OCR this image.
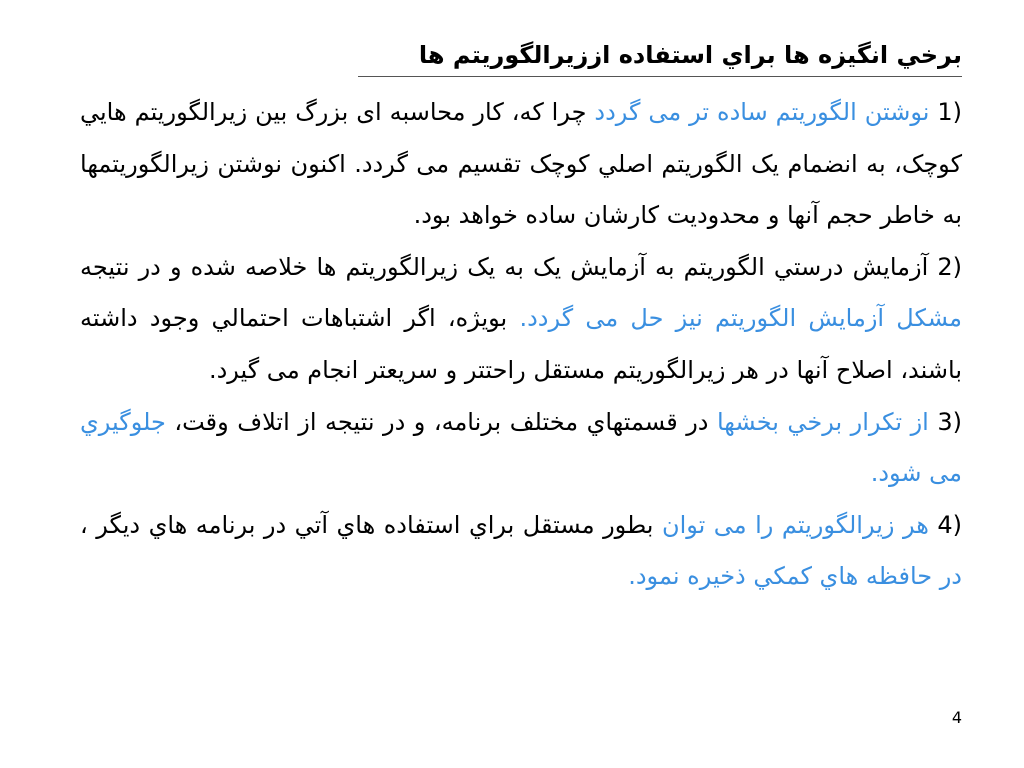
برخي انگيزه ها براي استفاده اززيرالگوريتم ها

1) نوشتن الگوريتم ساده تر می گردد چرا كه، كار محاسبه ای بزرگ بين زيرالگوريتم هايي كوچک، به انضمام یک الگوريتم اصلي كوچک تقسيم می گردد. اكنون نوشتن زيرالگوريتمها به خاطر حجم آنها و محدوديت كارشان ساده خواهد بود.

2) آزمايش درستي الگوريتم به آزمايش یک به یک زيرالگوريتم ها خلاصه شده و در نتيجه مشكل آزمايش الگوريتم نيز حل می گردد. بويژه، اگر اشتباهات احتمالي وجود داشته باشند، اصلاح آنها در هر زيرالگوريتم مستقل راحتتر و سريعتر انجام می گيرد.

3) از تكرار برخي بخشها در قسمتهاي مختلف برنامه، و در نتيجه از اتلاف وقت، جلوگيري می شود.

4) هر زيرالگوريتم را می توان بطور مستقل براي استفاده هاي آتي در برنامه هاي ديگر ، در حافظه هاي كمكي ذخيره نمود.

4
